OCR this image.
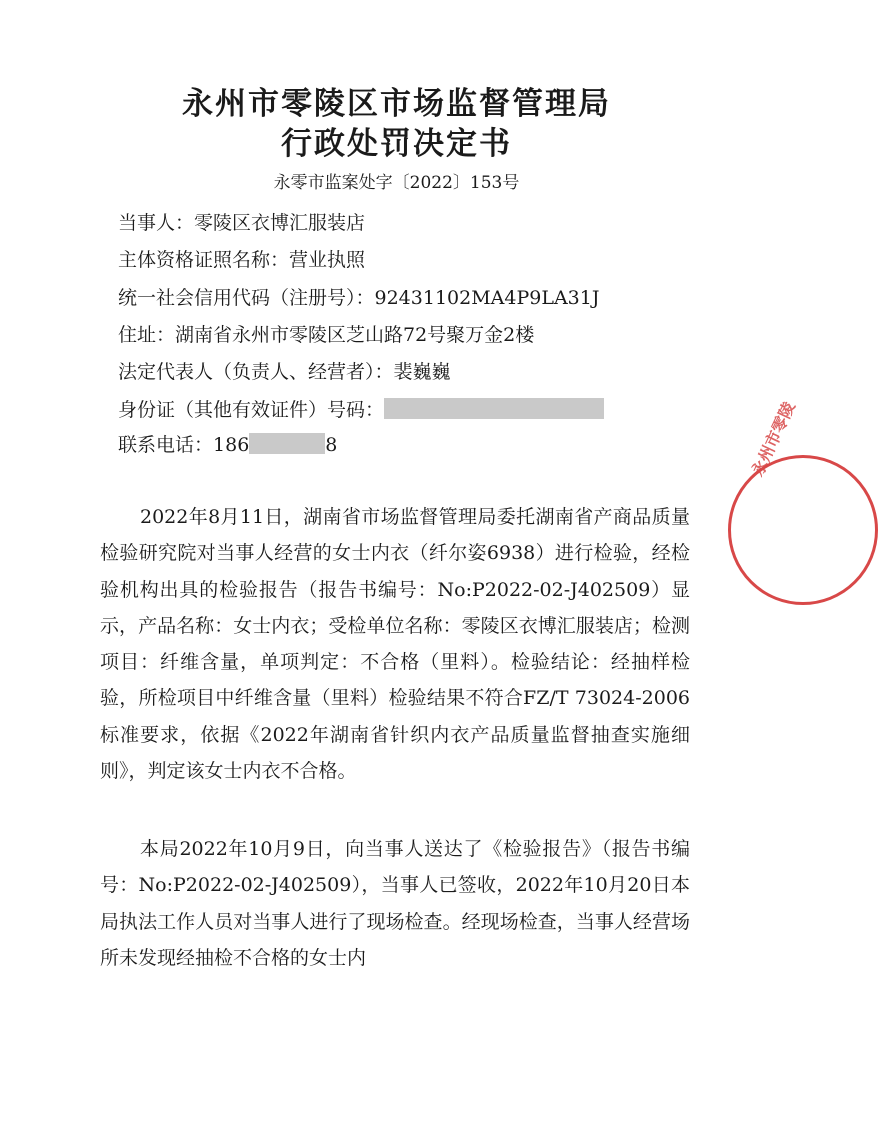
永州市零陵区市场监督管理局
行政处罚决定书
永零市监案处字〔2022〕153号
当事人：零陵区衣博汇服装店
主体资格证照名称：营业执照
统一社会信用代码（注册号）：92431102MA4P9LA31J
住址：湖南省永州市零陵区芝山路72号聚万金2楼
法定代表人（负责人、经营者）：裴巍巍
身份证（其他有效证件）号码：
联系电话：186	8

2022年8月11日，湖南省市场监督管理局委托湖南省产商品质量检验研究院对当事人经营的女士内衣（纤尔姿6938）进行检验，经检验机构出具的检验报告（报告书编号：No:P2022-02-J402509）显示，产品名称：女士内衣；受检单位名称：零陵区衣博汇服装店；检测项目：纤维含量，单项判定：不合格（里料）。检验结论：经抽样检验，所检项目中纤维含量（里料）检验结果不符合FZ/T 73024-2006标准要求，依据《2022年湖南省针织内衣产品质量监督抽查实施细则》，判定该女士内衣不合格。

本局2022年10月9日，向当事人送达了《检验报告》（报告书编号：No:P2022-02-J402509），当事人已签收，2022年10月20日本局执法工作人员对当事人进行了现场检查。经现场检查，当事人经营场所未发现经抽检不合格的女士内

永州市零陵
